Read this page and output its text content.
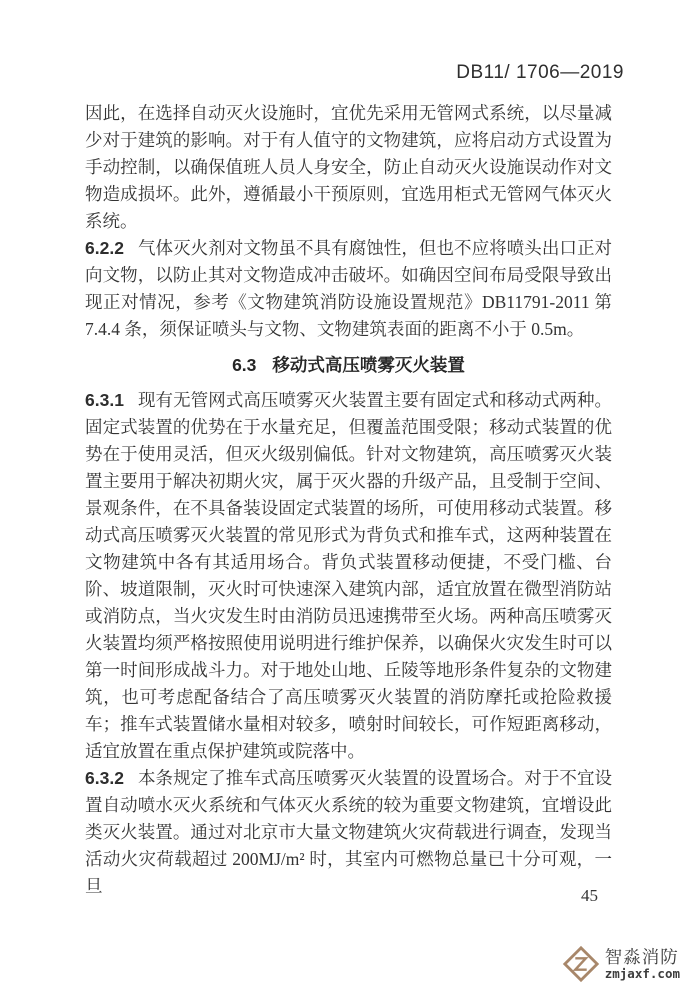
DB11/ 1706—2019

因此，在选择自动灭火设施时，宜优先采用无管网式系统，以尽量减少对于建筑的影响。对于有人值守的文物建筑，应将启动方式设置为手动控制，以确保值班人员人身安全，防止自动灭火设施误动作对文物造成损坏。此外，遵循最小干预原则，宜选用柜式无管网气体灭火系统。

6.2.2 气体灭火剂对文物虽不具有腐蚀性，但也不应将喷头出口正对向文物，以防止其对文物造成冲击破坏。如确因空间布局受限导致出现正对情况，参考《文物建筑消防设施设置规范》DB11791-2011 第 7.4.4 条，须保证喷头与文物、文物建筑表面的距离不小于 0.5m。

6.3 移动式高压喷雾灭火装置

6.3.1 现有无管网式高压喷雾灭火装置主要有固定式和移动式两种。固定式装置的优势在于水量充足，但覆盖范围受限；移动式装置的优势在于使用灵活，但灭火级别偏低。针对文物建筑，高压喷雾灭火装置主要用于解决初期火灾，属于灭火器的升级产品，且受制于空间、景观条件，在不具备装设固定式装置的场所，可使用移动式装置。移动式高压喷雾灭火装置的常见形式为背负式和推车式，这两种装置在文物建筑中各有其适用场合。背负式装置移动便捷，不受门槛、台阶、坡道限制，灭火时可快速深入建筑内部，适宜放置在微型消防站或消防点，当火灾发生时由消防员迅速携带至火场。两种高压喷雾灭火装置均须严格按照使用说明进行维护保养，以确保火灾发生时可以第一时间形成战斗力。对于地处山地、丘陵等地形条件复杂的文物建筑，也可考虑配备结合了高压喷雾灭火装置的消防摩托或抢险救援车；推车式装置储水量相对较多，喷射时间较长，可作短距离移动，适宜放置在重点保护建筑或院落中。

6.3.2 本条规定了推车式高压喷雾灭火装置的设置场合。对于不宜设置自动喷水灭火系统和气体灭火系统的较为重要文物建筑，宜增设此类灭火装置。通过对北京市大量文物建筑火灾荷载进行调查，发现当活动火灾荷载超过 200MJ/m² 时，其室内可燃物总量已十分可观，一旦	45
智淼消防
zmjaxf.com
